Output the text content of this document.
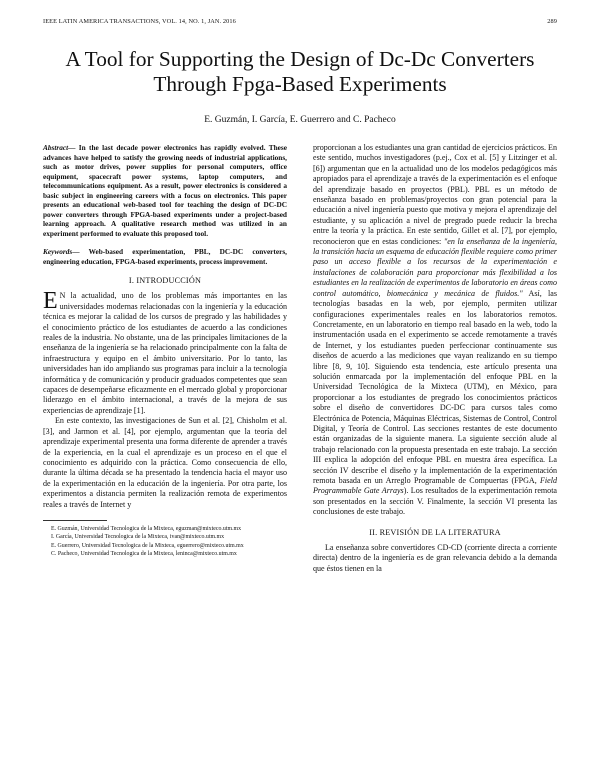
IEEE LATIN AMERICA TRANSACTIONS, VOL. 14, NO. 1, JAN. 2016	289
A Tool for Supporting the Design of Dc-Dc Converters Through Fpga-Based Experiments
E. Guzmán, I. García, E. Guerrero and C. Pacheco

Abstract— In the last decade power electronics has rapidly evolved. These advances have helped to satisfy the growing needs of industrial applications, such as motor drives, power supplies for personal computers, office equipment, spacecraft power systems, laptop computers, and telecommunications equipment. As a result, power electronics is considered a basic subject in engineering careers with a focus on electronics. This paper presents an educational web-based tool for teaching the design of DC-DC power converters through FPGA-based experiments under a project-based learning approach. A qualitative research method was utilized in an experiment performed to evaluate this proposed tool.

Keywords— Web-based experimentation, PBL, DC-DC converters, engineering education, FPGA-based experiments, process improvement.

I. INTRODUCCIÓN

E N la actualidad, uno de los problemas más importantes en las universidades modernas relacionadas con la ingeniería y la educación técnica es mejorar la calidad de los cursos de pregrado y las habilidades y el conocimiento práctico de los estudiantes de acuerdo a las condiciones reales de la industria. No obstante, una de las principales limitaciones de la enseñanza de la ingeniería se ha relacionado principalmente con la falta de infraestructura y equipo en el ámbito universitario. Por lo tanto, las universidades han ido ampliando sus programas para incluir a la tecnología informática y de comunicación y producir graduados competentes que sean capaces de desempeñarse eficazmente en el mercado global y proporcionar liderazgo en el ámbito internacional, a través de la mejora de sus experiencias de aprendizaje [1].

En este contexto, las investigaciones de Sun et al. [2], Chisholm et al. [3], and Jarmon et al. [4], por ejemplo, argumentan que la teoría del aprendizaje experimental presenta una forma diferente de aprender a través de la experiencia, en la cual el aprendizaje es un proceso en el que el conocimiento es adquirido con la práctica. Como consecuencia de ello, durante la última década se ha presentado la tendencia hacia el mayor uso de la experimentación en la educación de la ingeniería. Por otra parte, los experimentos a distancia permiten la realización remota de experimentos reales a través de Internet y

E. Guzmán, Universidad Tecnologica de la Mixteca, eguzman@mixteco.utm.mx

I. García, Universidad Tecnologica de la Mixteca, ivan@mixteco.utm.mx

E. Guerrero, Universidad Tecnologica de la Mixteca, eguerrero@mixteco.utm.mx

C. Pacheco, Universidad Tecnologica de la Mixteca, leninca@mixteco.utm.mx

proporcionan a los estudiantes una gran cantidad de ejercicios prácticos. En este sentido, muchos investigadores (p.ej., Cox et al. [5] y Litzinger et al. [6]) argumentan que en la actualidad uno de los modelos pedagógicos más apropiados para el aprendizaje a través de la experimentación es el enfoque del aprendizaje basado en proyectos (PBL). PBL es un método de enseñanza basado en problemas/proyectos con gran potencial para la educación a nivel ingeniería puesto que motiva y mejora el aprendizaje del estudiante, y su aplicación a nivel de pregrado puede reducir la brecha entre la teoría y la práctica. En este sentido, Gillet et al. [7], por ejemplo, reconocieron que en estas condiciones: "en la enseñanza de la ingeniería, la transición hacia un esquema de educación flexible requiere como primer paso un acceso flexible a los recursos de la experimentación e instalaciones de colaboración para proporcionar más flexibilidad a los estudiantes en la realización de experimentos de laboratorio en áreas como control automático, biomecánica y mecánica de fluidos." Así, las tecnologías basadas en la web, por ejemplo, permiten utilizar configuraciones experimentales reales en los laboratorios remotos. Concretamente, en un laboratorio en tiempo real basado en la web, todo la instrumentación usada en el experimento se accede remotamente a través de Internet, y los estudiantes pueden perfeccionar continuamente sus diseños de acuerdo a las mediciones que vayan realizando en su tiempo libre [8, 9, 10]. Siguiendo esta tendencia, este artículo presenta una solución enmarcada por la implementación del enfoque PBL en la Universidad Tecnológica de la Mixteca (UTM), en México, para proporcionar a los estudiantes de pregrado los conocimientos prácticos sobre el diseño de convertidores DC-DC para cursos tales como Electrónica de Potencia, Máquinas Eléctricas, Sistemas de Control, Control Digital, y Teoría de Control. Las secciones restantes de este documento están organizadas de la siguiente manera. La siguiente sección alude al trabajo relacionado con la propuesta presentada en este trabajo. La sección III explica la adopción del enfoque PBL en muestra área específica. La sección IV describe el diseño y la implementación de la experimentación remota basada en un Arreglo Programable de Compuertas (FPGA, Field Programmable Gate Arrays). Los resultados de la experimentación remota son presentados en la sección V. Finalmente, la sección VI presenta las conclusiones de este trabajo.

II. REVISIÓN DE LA LITERATURA

La enseñanza sobre convertidores CD-CD (corriente directa a corriente directa) dentro de la ingeniería es de gran relevancia debido a la demanda que éstos tienen en la
